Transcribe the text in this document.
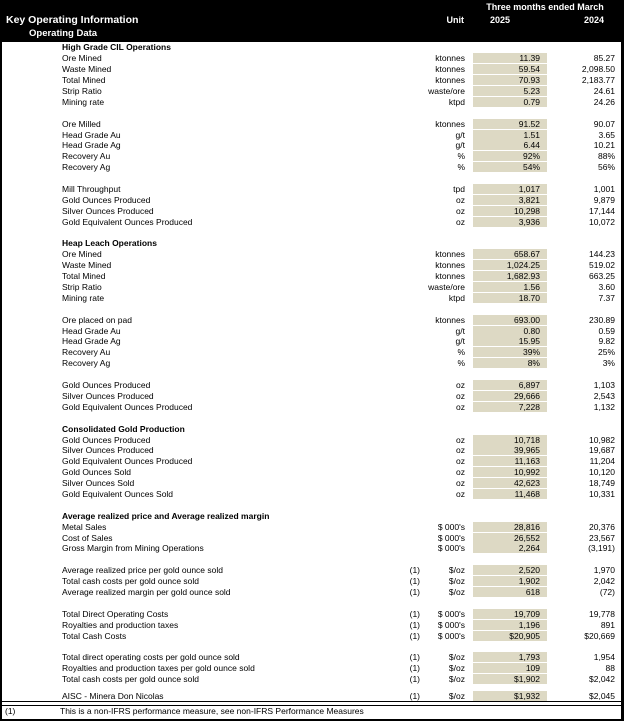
Three months ended March
Key Operating Information	Unit	2025	2024
Operating Data
High Grade CIL Operations
Ore Mined	ktonnes	11.39	85.27
Waste Mined	ktonnes	59.54	2,098.50
Total Mined	ktonnes	70.93	2,183.77
Strip Ratio	waste/ore	5.23	24.61
Mining rate	ktpd	0.79	24.26
Ore Milled	ktonnes	91.52	90.07
Head Grade Au	g/t	1.51	3.65
Head Grade Ag	g/t	6.44	10.21
Recovery Au	%	92%	88%
Recovery Ag	%	54%	56%
Mill Throughput	tpd	1,017	1,001
Gold Ounces Produced	oz	3,821	9,879
Silver Ounces Produced	oz	10,298	17,144
Gold Equivalent Ounces Produced	oz	3,936	10,072
Heap Leach Operations
Ore Mined	ktonnes	658.67	144.23
Waste Mined	ktonnes	1,024.25	519.02
Total Mined	ktonnes	1,682.93	663.25
Strip Ratio	waste/ore	1.56	3.60
Mining rate	ktpd	18.70	7.37
Ore placed on pad	ktonnes	693.00	230.89
Head Grade Au	g/t	0.80	0.59
Head Grade Ag	g/t	15.95	9.82
Recovery Au	%	39%	25%
Recovery Ag	%	8%	3%
Gold Ounces Produced	oz	6,897	1,103
Silver Ounces Produced	oz	29,666	2,543
Gold Equivalent Ounces Produced	oz	7,228	1,132
Consolidated Gold Production
Gold Ounces Produced	oz	10,718	10,982
Silver Ounces Produced	oz	39,965	19,687
Gold Equivalent Ounces Produced	oz	11,163	11,204
Gold Ounces Sold	oz	10,992	10,120
Silver Ounces Sold	oz	42,623	18,749
Gold Equivalent Ounces Sold	oz	11,468	10,331
Average realized price and Average realized margin
Metal Sales	$ 000's	28,816	20,376
Cost of Sales	$ 000's	26,552	23,567
Gross Margin from Mining Operations	$ 000's	2,264	(3,191)
Average realized price per gold ounce sold	(1)	$/oz	2,520	1,970
Total cash costs per gold ounce sold	(1)	$/oz	1,902	2,042
Average realized margin per gold ounce sold	(1)	$/oz	618	(72)
Total Direct Operating Costs	(1)	$ 000's	19,709	19,778
Royalties and production taxes	(1)	$ 000's	1,196	891
Total Cash Costs	(1)	$ 000's	$20,905	$20,669
Total direct operating costs per gold ounce sold	(1)	$/oz	1,793	1,954
Royalties and production taxes per gold ounce sold	(1)	$/oz	109	88
Total cash costs per gold ounce sold	(1)	$/oz	$1,902	$2,042
AISC - Minera Don Nicolas	(1)	$/oz	$1,932	$2,045
(1)	This is a non-IFRS performance measure, see non-IFRS Performance Measures
